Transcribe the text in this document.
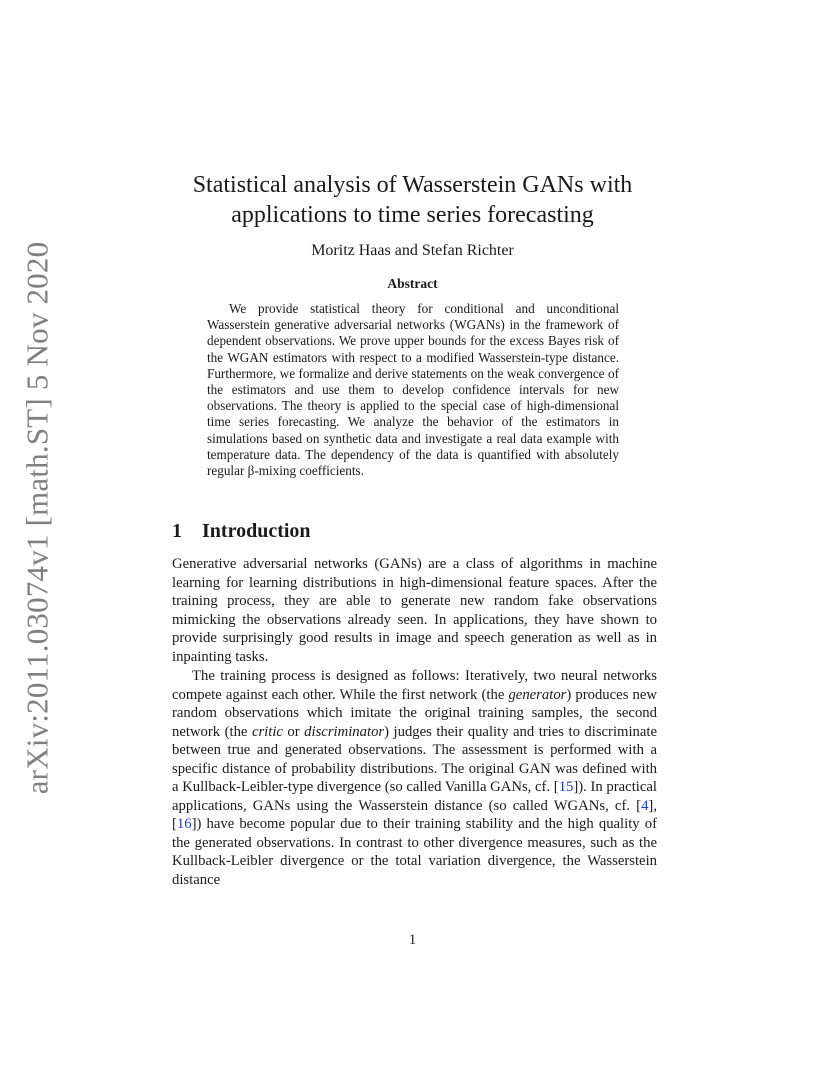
arXiv:2011.03074v1 [math.ST] 5 Nov 2020
Statistical analysis of Wasserstein GANs with
applications to time series forecasting
Moritz Haas and Stefan Richter
Abstract

We provide statistical theory for conditional and unconditional Wasserstein generative adversarial networks (WGANs) in the framework of dependent observations. We prove upper bounds for the excess Bayes risk of the WGAN estimators with respect to a modified Wasserstein-type distance. Furthermore, we formalize and derive statements on the weak convergence of the estimators and use them to develop confidence intervals for new observations. The theory is applied to the special case of high-dimensional time series forecasting. We analyze the behavior of the estimators in simulations based on synthetic data and investigate a real data example with temperature data. The dependency of the data is quantified with absolutely regular β-mixing coefficients.

1 Introduction

Generative adversarial networks (GANs) are a class of algorithms in machine learning for learning distributions in high-dimensional feature spaces. After the training process, they are able to generate new random fake observations mimicking the observations already seen. In applications, they have shown to provide surprisingly good results in image and speech generation as well as in inpainting tasks.

The training process is designed as follows: Iteratively, two neural networks compete against each other. While the first network (the generator) produces new random observations which imitate the original training samples, the second network (the critic or discriminator) judges their quality and tries to discriminate between true and generated observations. The assessment is performed with a specific distance of probability distributions. The original GAN was defined with a Kullback-Leibler-type divergence (so called Vanilla GANs, cf. [15]). In practical applications, GANs using the Wasserstein distance (so called WGANs, cf. [4], [16]) have become popular due to their training stability and the high quality of the generated observations. In contrast to other divergence measures, such as the Kullback-Leibler divergence or the total variation divergence, the Wasserstein distance

1
